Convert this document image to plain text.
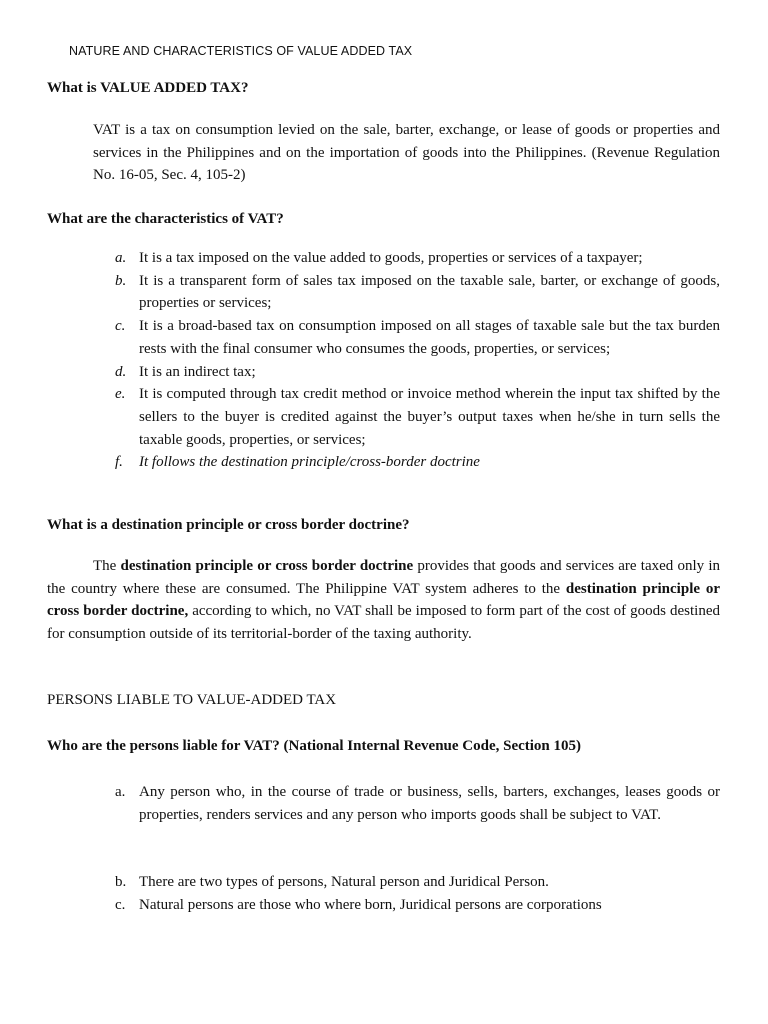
NATURE AND CHARACTERISTICS OF VALUE ADDED TAX

What is VALUE ADDED TAX?

VAT is a tax on consumption levied on the sale, barter, exchange, or lease of goods or properties and services in the Philippines and on the importation of goods into the Philippines. (Revenue Regulation No. 16-05, Sec. 4, 105-2)

What are the characteristics of VAT?

a. It is a tax imposed on the value added to goods, properties or services of a taxpayer;
b. It is a transparent form of sales tax imposed on the taxable sale, barter, or exchange of goods, properties or services;
c. It is a broad-based tax on consumption imposed on all stages of taxable sale but the tax burden rests with the final consumer who consumes the goods, properties, or services;
d. It is an indirect tax;
e. It is computed through tax credit method or invoice method wherein the input tax shifted by the sellers to the buyer is credited against the buyer’s output taxes when he/she in turn sells the taxable goods, properties, or services;
f. It follows the destination principle/cross-border doctrine

What is a destination principle or cross border doctrine?

The destination principle or cross border doctrine provides that goods and services are taxed only in the country where these are consumed. The Philippine VAT system adheres to the destination principle or cross border doctrine, according to which, no VAT shall be imposed to form part of the cost of goods destined for consumption outside of its territorial-border of the taxing authority.

PERSONS LIABLE TO VALUE-ADDED TAX

Who are the persons liable for VAT? (National Internal Revenue Code, Section 105)

a. Any person who, in the course of trade or business, sells, barters, exchanges, leases goods or properties, renders services and any person who imports goods shall be subject to VAT.
b. There are two types of persons, Natural person and Juridical Person.
c. Natural persons are those who where born, Juridical persons are corporations
